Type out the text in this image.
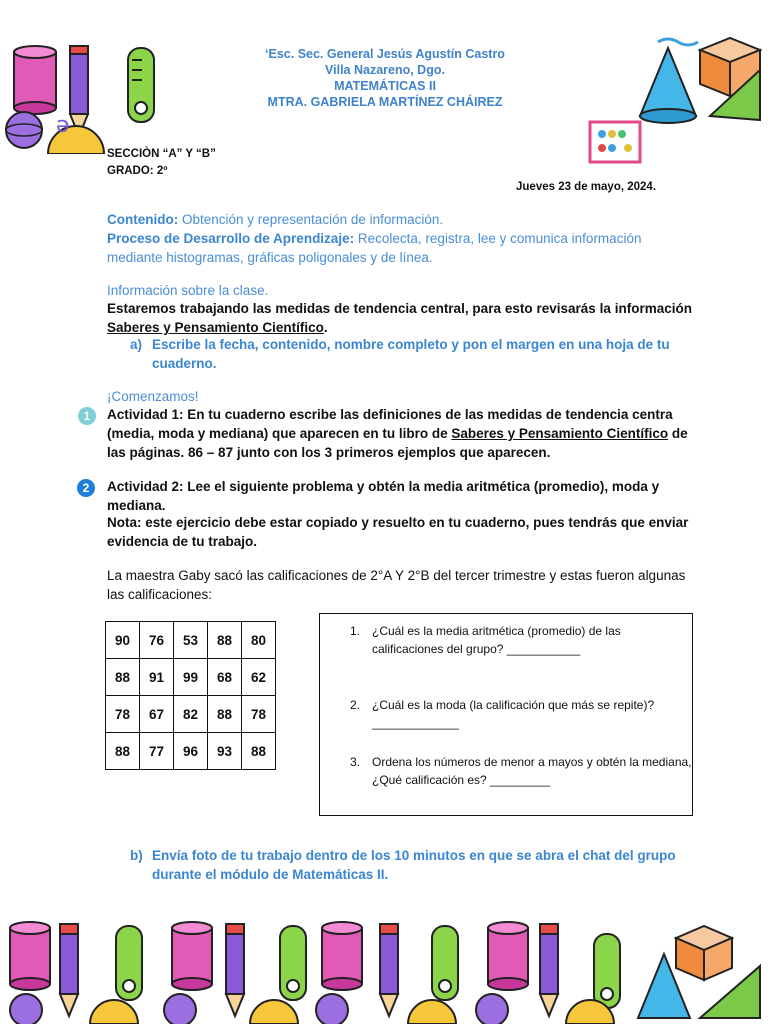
ə
‘Esc. Sec. General Jesús Agustín Castro
Villa Nazareno, Dgo.
MATEMÁTICAS II
MTRA. GABRIELA MARTÍNEZ CHÁIREZ
SECCIÒN “A” Y “B”
GRADO: 2º
Jueves 23 de mayo, 2024.
Contenido: Obtención y representación de información.
Proceso de Desarrollo de Aprendizaje: Recolecta, registra, lee y comunica información mediante histogramas, gráficas poligonales y de línea.
Información sobre la clase.
Estaremos trabajando las medidas de tendencia central, para esto revisarás la información Saberes y Pensamiento Científico.
a) Escribe la fecha, contenido, nombre completo y pon el margen en una hoja de tu cuaderno.
¡Comenzamos!
1	Actividad 1: En tu cuaderno escribe las definiciones de las medidas de tendencia centra (media, moda y mediana) que aparecen en tu libro de Saberes y Pensamiento Científico de las páginas. 86 – 87 junto con los 3 primeros ejemplos que aparecen.
2	Actividad 2: Lee el siguiente problema y obtén la media aritmética (promedio), moda y mediana.
Nota: este ejercicio debe estar copiado y resuelto en tu cuaderno, pues tendrás que enviar evidencia de tu trabajo.
La maestra Gaby sacó las calificaciones de 2°A Y 2°B del tercer trimestre y estas fueron algunas las calificaciones:
90	76	53	88	80
88	91	99	68	62
78	67	82	88	78
88	77	96	93	88
1. ¿Cuál es la media aritmética (promedio) de las calificaciones del grupo? ___________
2. ¿Cuál es la moda (la calificación que más se repite)? _____________
3. Ordena los números de menor a mayos y obtén la mediana, ¿Qué calificación es? _________
b) Envía foto de tu trabajo dentro de los 10 minutos en que se abra el chat del grupo durante el módulo de Matemáticas II.
